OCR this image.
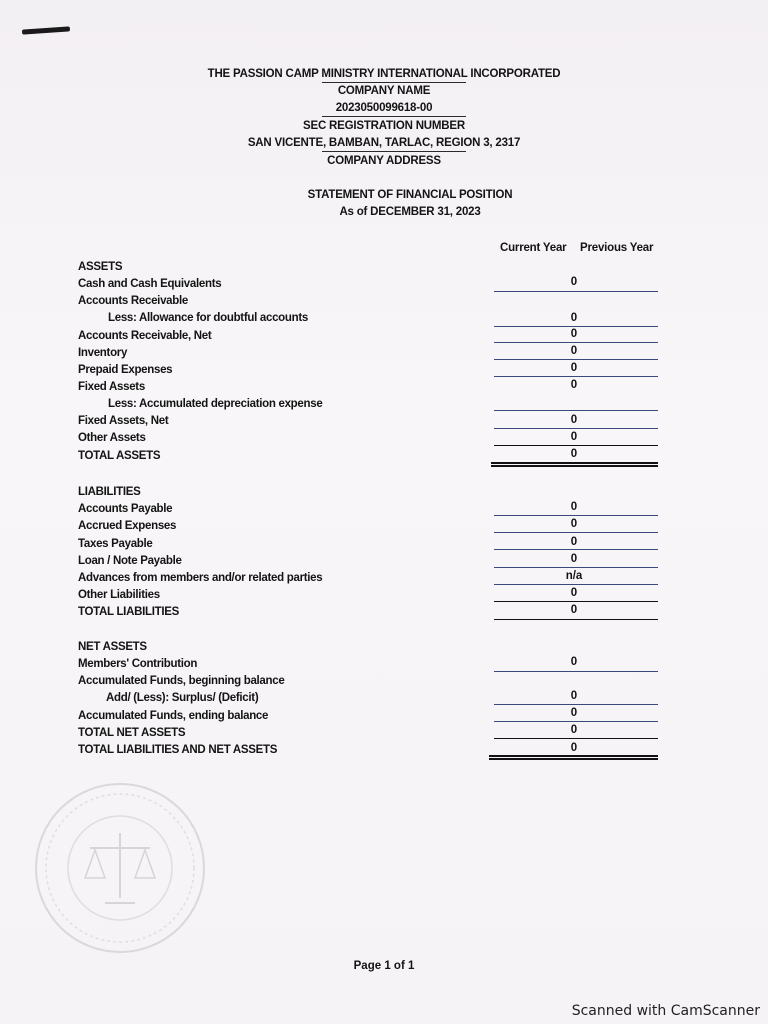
THE PASSION CAMP MINISTRY INTERNATIONAL INCORPORATED
COMPANY NAME
2023050099618-00
SEC REGISTRATION NUMBER
SAN VICENTE, BAMBAN, TARLAC, REGION 3, 2317
COMPANY ADDRESS
STATEMENT OF FINANCIAL POSITION
As of DECEMBER 31, 2023
Current Year Previous Year
ASSETS
Cash and Cash Equivalents	0
Accounts Receivable
Less: Allowance for doubtful accounts	0
Accounts Receivable, Net	0
Inventory	0
Prepaid Expenses	0
Fixed Assets	0
Less: Accumulated depreciation expense
Fixed Assets, Net	0
Other Assets	0
TOTAL ASSETS	0
LIABILITIES
Accounts Payable	0
Accrued Expenses	0
Taxes Payable	0
Loan / Note Payable	0
Advances from members and/or related parties	n/a
Other Liabilities	0
TOTAL LIABILITIES	0
NET ASSETS
Members' Contribution	0
Accumulated Funds, beginning balance
Add/ (Less): Surplus/ (Deficit)	0
Accumulated Funds, ending balance	0
TOTAL NET ASSETS	0
TOTAL LIABILITIES AND NET ASSETS	0
Page 1 of 1
Scanned with CamScanner
